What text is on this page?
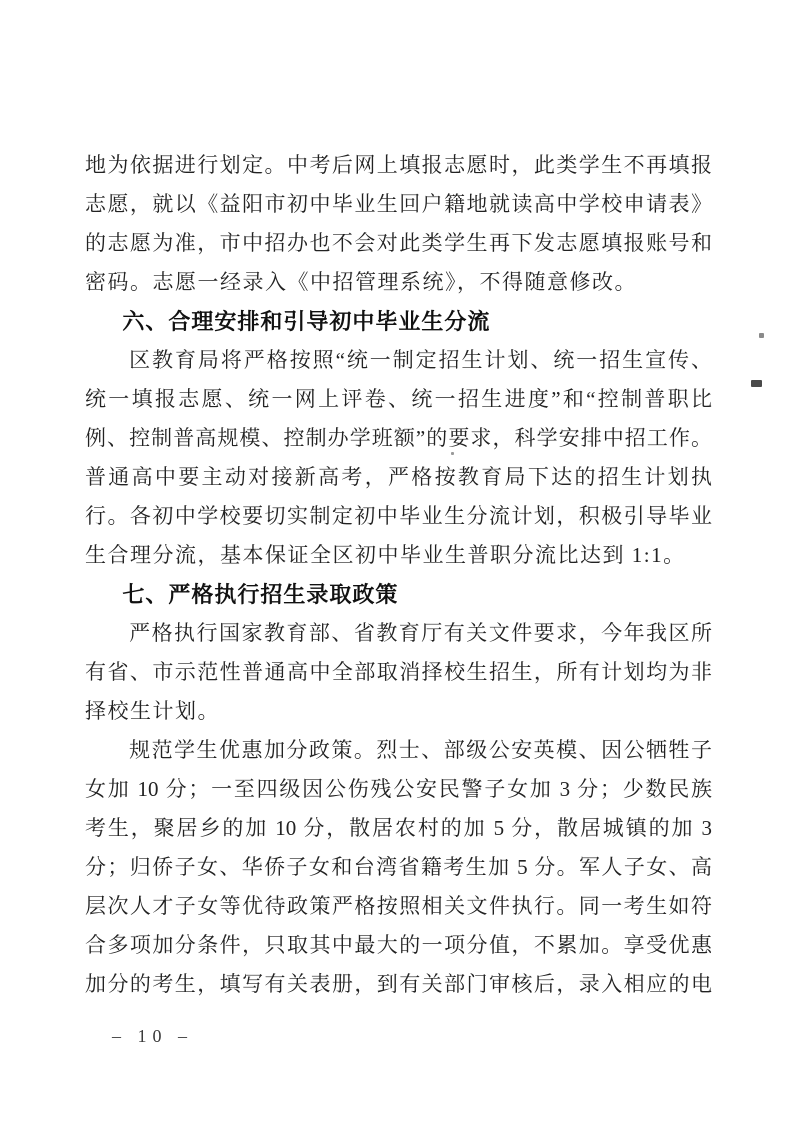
地为依据进行划定。中考后网上填报志愿时，此类学生不再填报
志愿，就以《益阳市初中毕业生回户籍地就读高中学校申请表》
的志愿为准，市中招办也不会对此类学生再下发志愿填报账号和
密码。志愿一经录入《中招管理系统》，不得随意修改。
六、合理安排和引导初中毕业生分流
区教育局将严格按照“统一制定招生计划、统一招生宣传、
统一填报志愿、统一网上评卷、统一招生进度”和“控制普职比
例、控制普高规模、控制办学班额”的要求，科学安排中招工作。
普通高中要主动对接新高考，严格按教育局下达的招生计划执
行。各初中学校要切实制定初中毕业生分流计划，积极引导毕业
生合理分流，基本保证全区初中毕业生普职分流比达到 1:1。
七、严格执行招生录取政策
严格执行国家教育部、省教育厅有关文件要求，今年我区所
有省、市示范性普通高中全部取消择校生招生，所有计划均为非
择校生计划。
规范学生优惠加分政策。烈士、部级公安英模、因公牺牲子
女加 10 分；一至四级因公伤残公安民警子女加 3 分；少数民族
考生，聚居乡的加 10 分，散居农村的加 5 分，散居城镇的加 3
分；归侨子女、华侨子女和台湾省籍考生加 5 分。军人子女、高
层次人才子女等优待政策严格按照相关文件执行。同一考生如符
合多项加分条件，只取其中最大的一项分值，不累加。享受优惠
加分的考生，填写有关表册，到有关部门审核后，录入相应的电
– 10 –
